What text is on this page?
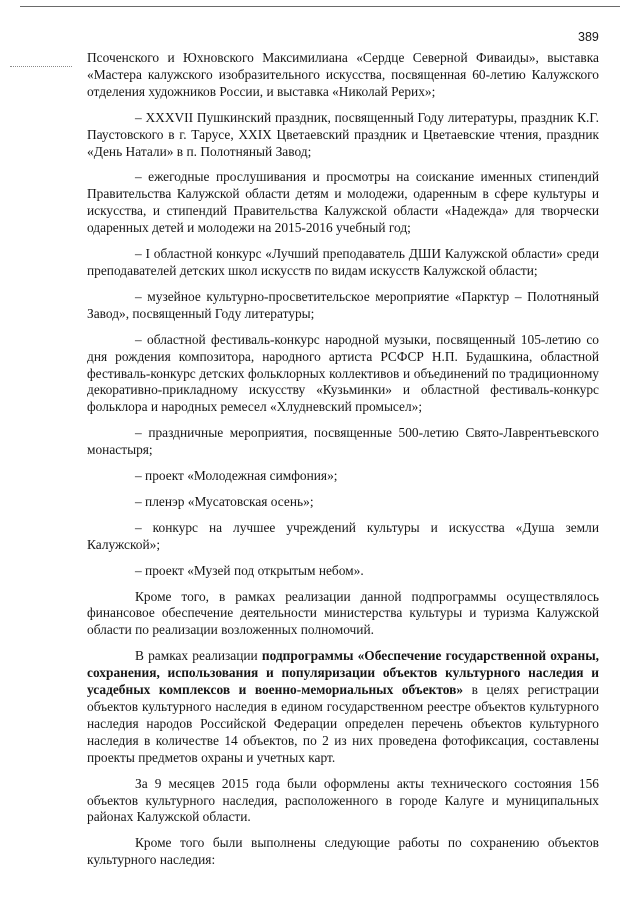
389

Псоченского и Юхновского Максимилиана «Сердце Северной Фиваиды», выставка «Мастера калужского изобразительного искусства, посвященная 60-летию Калужского отделения художников России, и выставка «Николай Рерих»;

– XXXVII Пушкинский праздник, посвященный Году литературы, праздник К.Г. Паустовского в г. Тарусе, XXIX Цветаевский праздник и Цветаевские чтения, праздник «День Натали» в п. Полотняный Завод;

– ежегодные прослушивания и просмотры на соискание именных стипендий Правительства Калужской области детям и молодежи, одаренным в сфере культуры и искусства, и стипендий Правительства Калужской области «Надежда» для творчески одаренных детей и молодежи на 2015-2016 учебный год;

– I областной конкурс «Лучший преподаватель ДШИ Калужской области» среди преподавателей детских школ искусств по видам искусств Калужской области;

– музейное культурно-просветительское мероприятие «Парктур – Полотняный Завод», посвященный Году литературы;

– областной фестиваль-конкурс народной музыки, посвященный 105-летию со дня рождения композитора, народного артиста РСФСР Н.П. Будашкина, областной фестиваль-конкурс детских фольклорных коллективов и объединений по традиционному декоративно-прикладному искусству «Кузьминки» и областной фестиваль-конкурс фольклора и народных ремесел «Хлудневский промысел»;

– праздничные мероприятия, посвященные 500-летию Свято-Лаврентьевского монастыря;

– проект «Молодежная симфония»;

– пленэр «Мусатовская осень»;

– конкурс на лучшее учреждений культуры и искусства «Душа земли Калужской»;

– проект «Музей под открытым небом».

Кроме того, в рамках реализации данной подпрограммы осуществлялось финансовое обеспечение деятельности министерства культуры и туризма Калужской области по реализации возложенных полномочий.

В рамках реализации подпрограммы «Обеспечение государственной охраны, сохранения, использования и популяризации объектов культурного наследия и усадебных комплексов и военно-мемориальных объектов» в целях регистрации объектов культурного наследия в едином государственном реестре объектов культурного наследия народов Российской Федерации определен перечень объектов культурного наследия в количестве 14 объектов, по 2 из них проведена фотофиксация, составлены проекты предметов охраны и учетных карт.

За 9 месяцев 2015 года были оформлены акты технического состояния 156 объектов культурного наследия, расположенного в городе Калуге и муниципальных районах Калужской области.

Кроме того были выполнены следующие работы по сохранению объектов культурного наследия:
